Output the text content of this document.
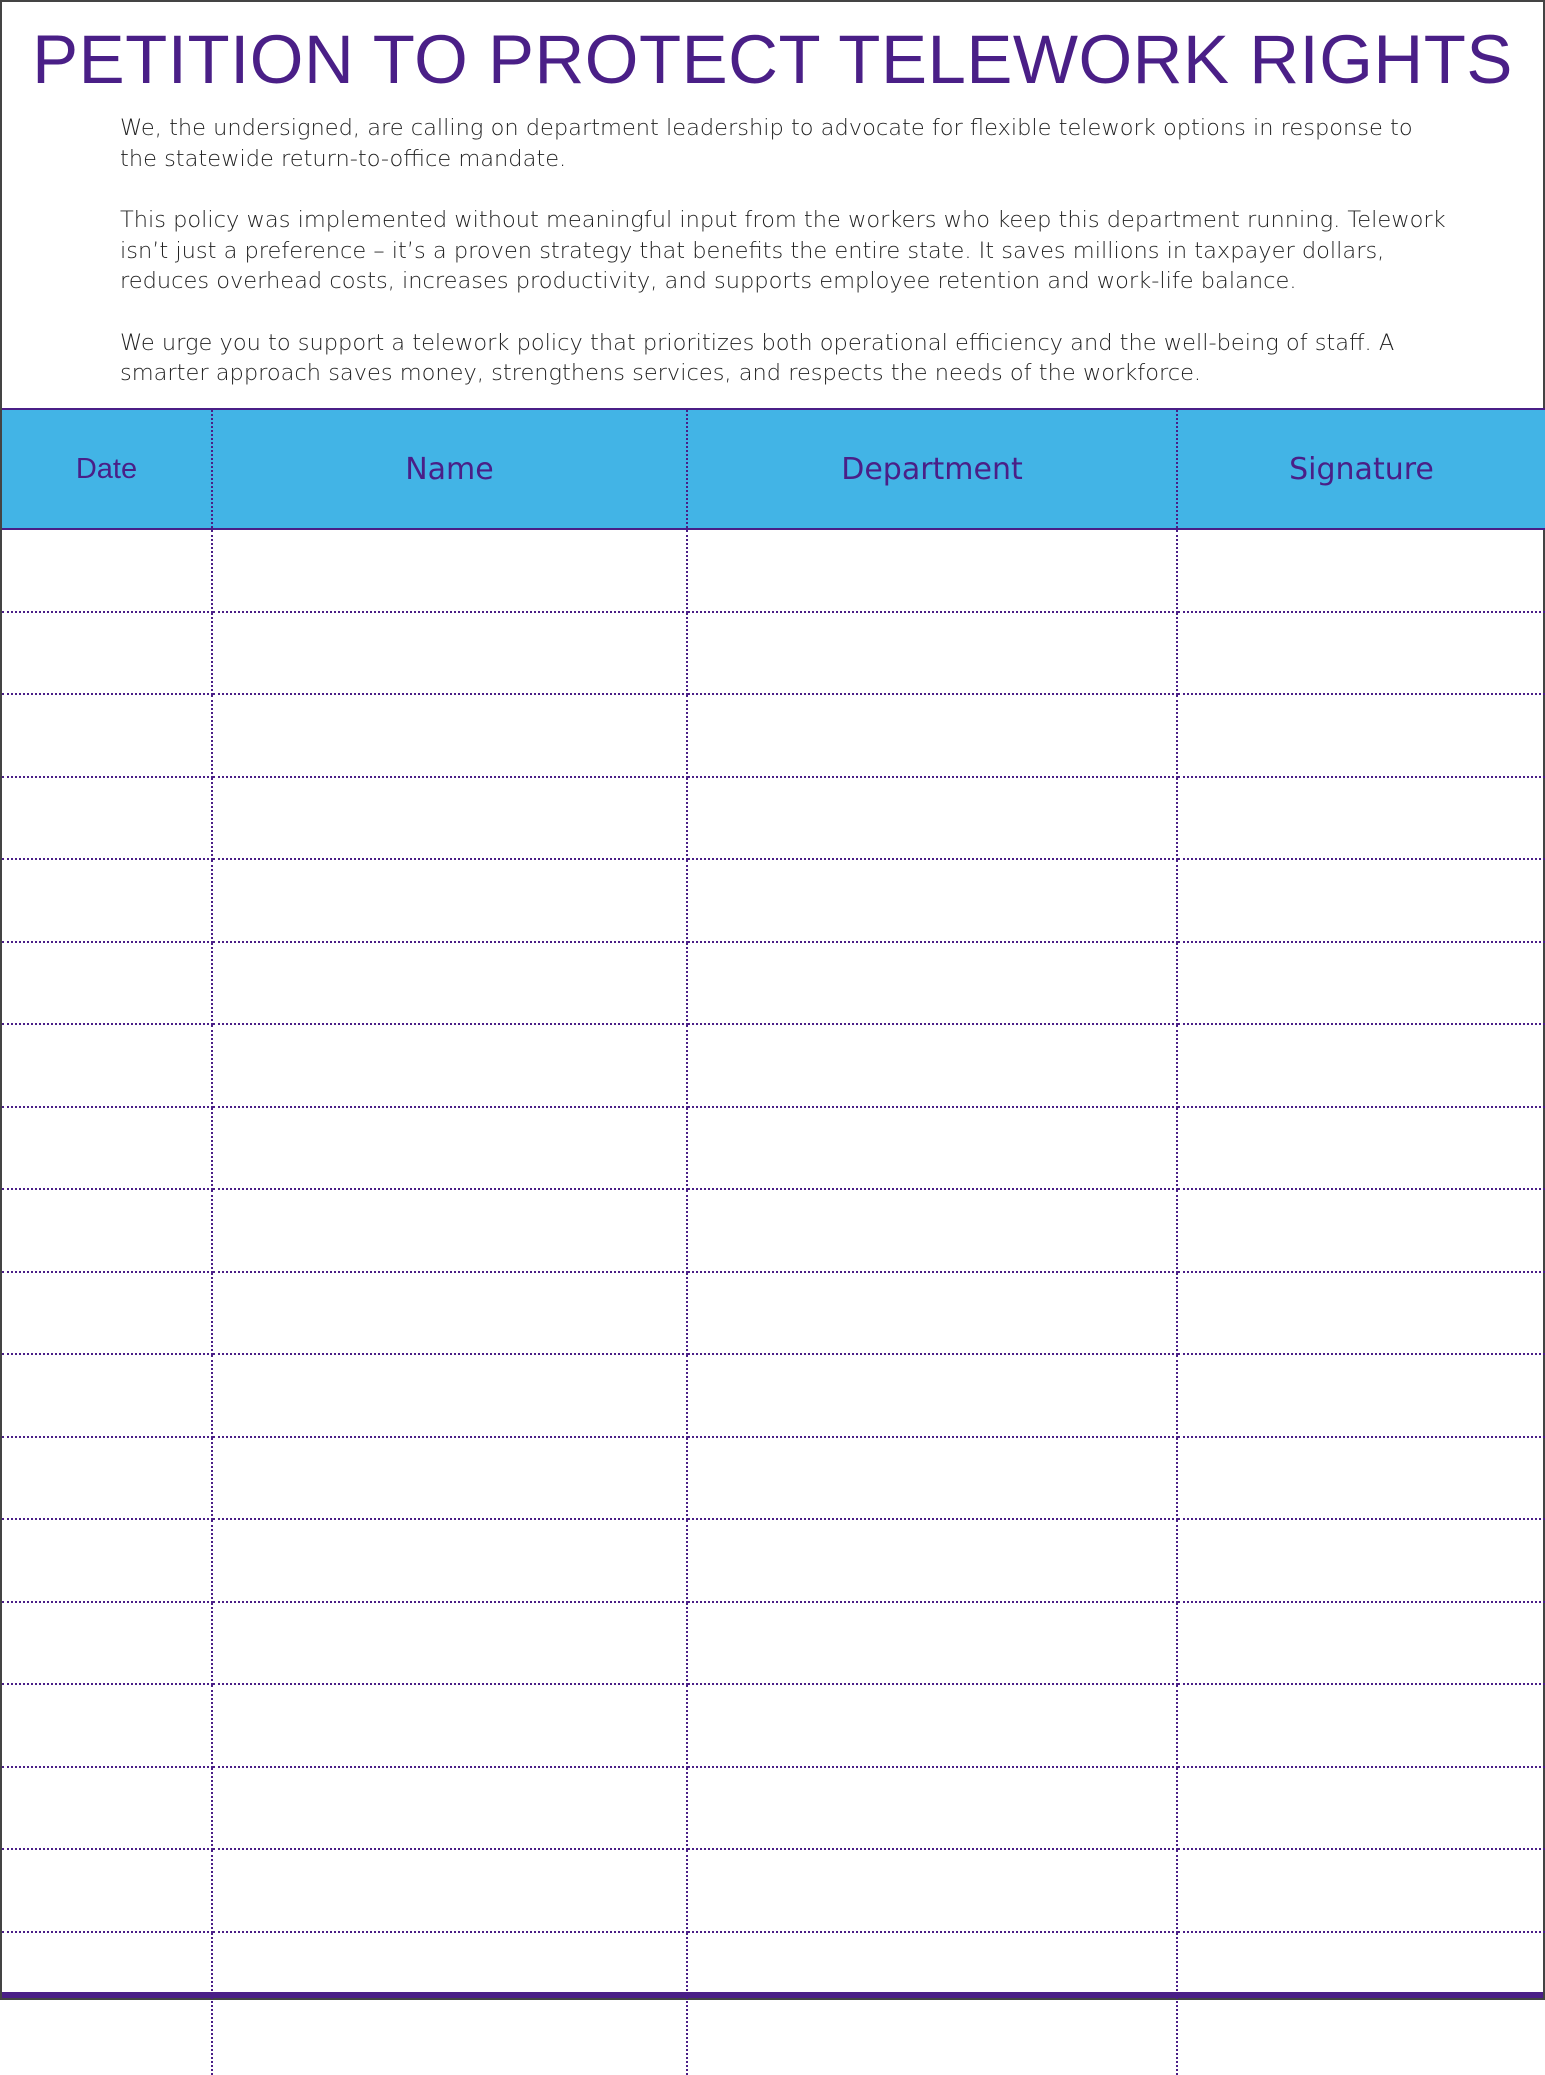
PETITION TO PROTECT TELEWORK RIGHTS

We, the undersigned, are calling on department leadership to advocate for flexible telework options in response to the statewide return-to-office mandate.

This policy was implemented without meaningful input from the workers who keep this department running. Telework isn’t just a preference – it’s a proven strategy that benefits the entire state. It saves millions in taxpayer dollars, reduces overhead costs, increases productivity, and supports employee retention and work-life balance.

We urge you to support a telework policy that prioritizes both operational efficiency and the well-being of staff. A smarter approach saves money, strengthens services, and respects the needs of the workforce.

Date	Name	Department	Signature
